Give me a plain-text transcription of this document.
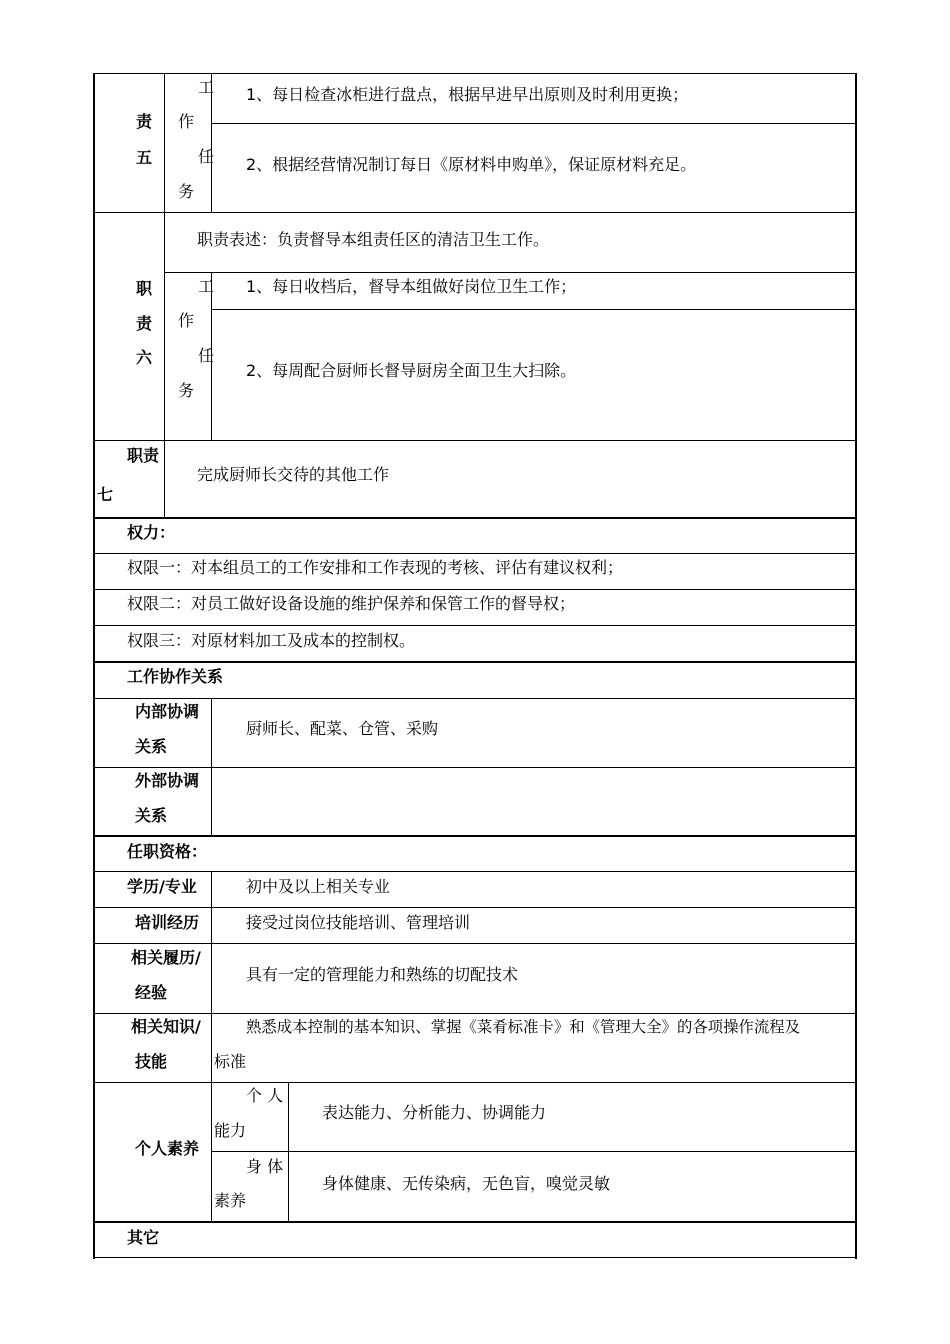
责
五
工
作
任
务
1、每日检查冰柜进行盘点，根据早进早出原则及时利用更换；
2、根据经营情况制订每日《原材料申购单》，保证原材料充足。
职
责
六
职责表述：负责督导本组责任区的清洁卫生工作。
工
作
任
务
1、每日收档后，督导本组做好岗位卫生工作；
2、每周配合厨师长督导厨房全面卫生大扫除。
职责
七
完成厨师长交待的其他工作
权力：
权限一：对本组员工的工作安排和工作表现的考核、评估有建议权利；
权限二：对员工做好设备设施的维护保养和保管工作的督导权；
权限三：对原材料加工及成本的控制权。
工作协作关系
内部协调
关系
厨师长、配菜、仓管、采购
外部协调
关系
任职资格：
学历/专业	初中及以上相关专业
培训经历	接受过岗位技能培训、管理培训
相关履历/
经验
具有一定的管理能力和熟练的切配技术
相关知识/
技能
熟悉成本控制的基本知识、掌握《菜肴标准卡》和《管理大全》的各项操作流程及
标准
个人素养
个 人
能力
表达能力、分析能力、协调能力
身 体
素养
身体健康、无传染病，无色盲，嗅觉灵敏
其它
